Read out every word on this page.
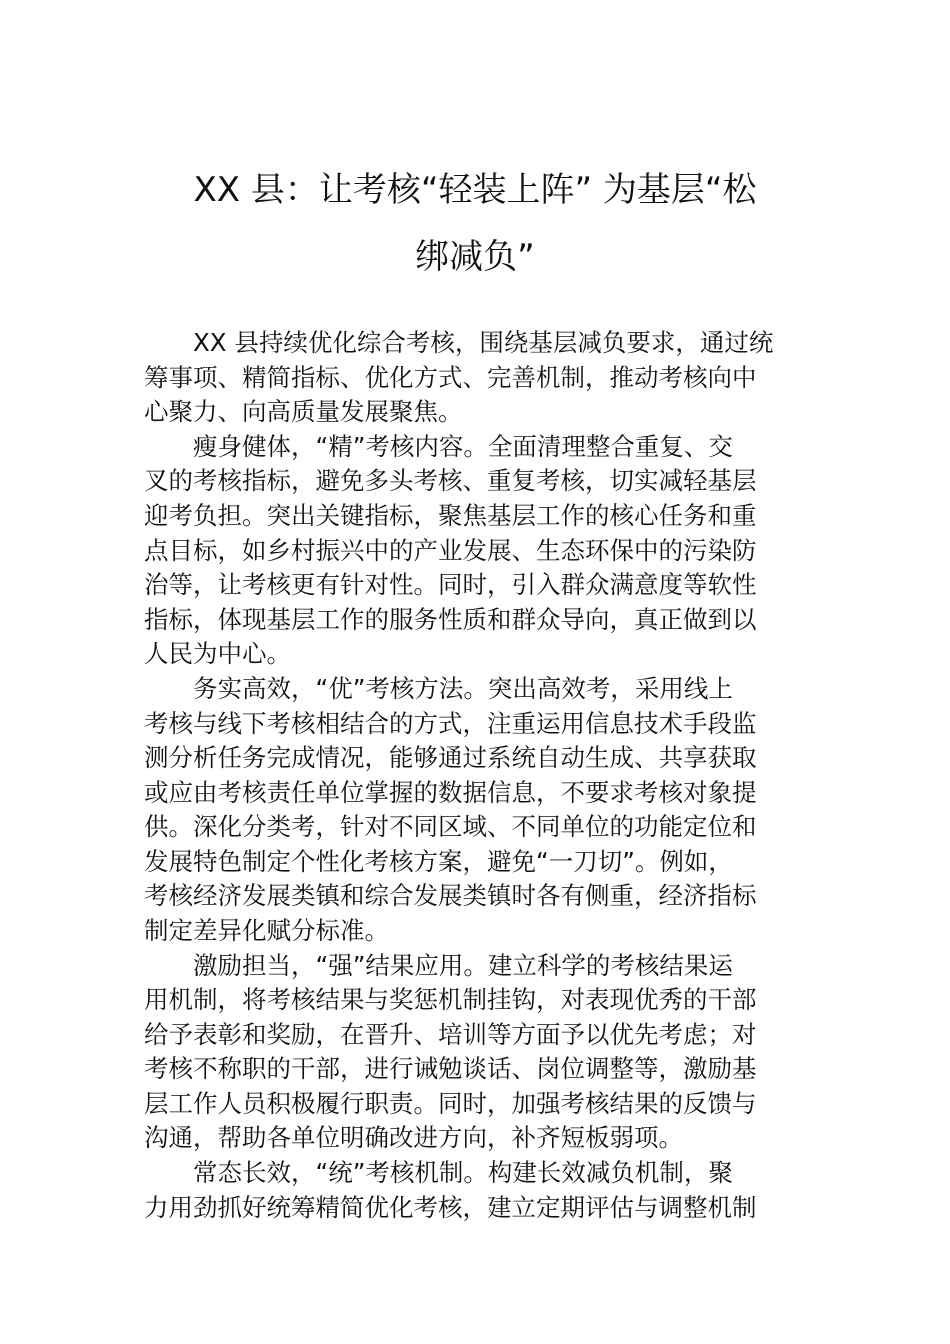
XX 县：让考核“轻装上阵” 为基层“松
绑减负”
XX 县持续优化综合考核，围绕基层减负要求，通过统
筹事项、精简指标、优化方式、完善机制，推动考核向中
心聚力、向高质量发展聚焦。
瘦身健体，“精”考核内容。全面清理整合重复、交
叉的考核指标，避免多头考核、重复考核，切实减轻基层
迎考负担。突出关键指标，聚焦基层工作的核心任务和重
点目标，如乡村振兴中的产业发展、生态环保中的污染防
治等，让考核更有针对性。同时，引入群众满意度等软性
指标，体现基层工作的服务性质和群众导向，真正做到以
人民为中心。
务实高效，“优”考核方法。突出高效考，采用线上
考核与线下考核相结合的方式，注重运用信息技术手段监
测分析任务完成情况，能够通过系统自动生成、共享获取
或应由考核责任单位掌握的数据信息，不要求考核对象提
供。深化分类考，针对不同区域、不同单位的功能定位和
发展特色制定个性化考核方案，避免“一刀切”。例如，
考核经济发展类镇和综合发展类镇时各有侧重，经济指标
制定差异化赋分标准。
激励担当，“强”结果应用。建立科学的考核结果运
用机制，将考核结果与奖惩机制挂钩，对表现优秀的干部
给予表彰和奖励，在晋升、培训等方面予以优先考虑；对
考核不称职的干部，进行诫勉谈话、岗位调整等，激励基
层工作人员积极履行职责。同时，加强考核结果的反馈与
沟通，帮助各单位明确改进方向，补齐短板弱项。
常态长效，“统”考核机制。构建长效减负机制，聚
力用劲抓好统筹精简优化考核，建立定期评估与调整机制
